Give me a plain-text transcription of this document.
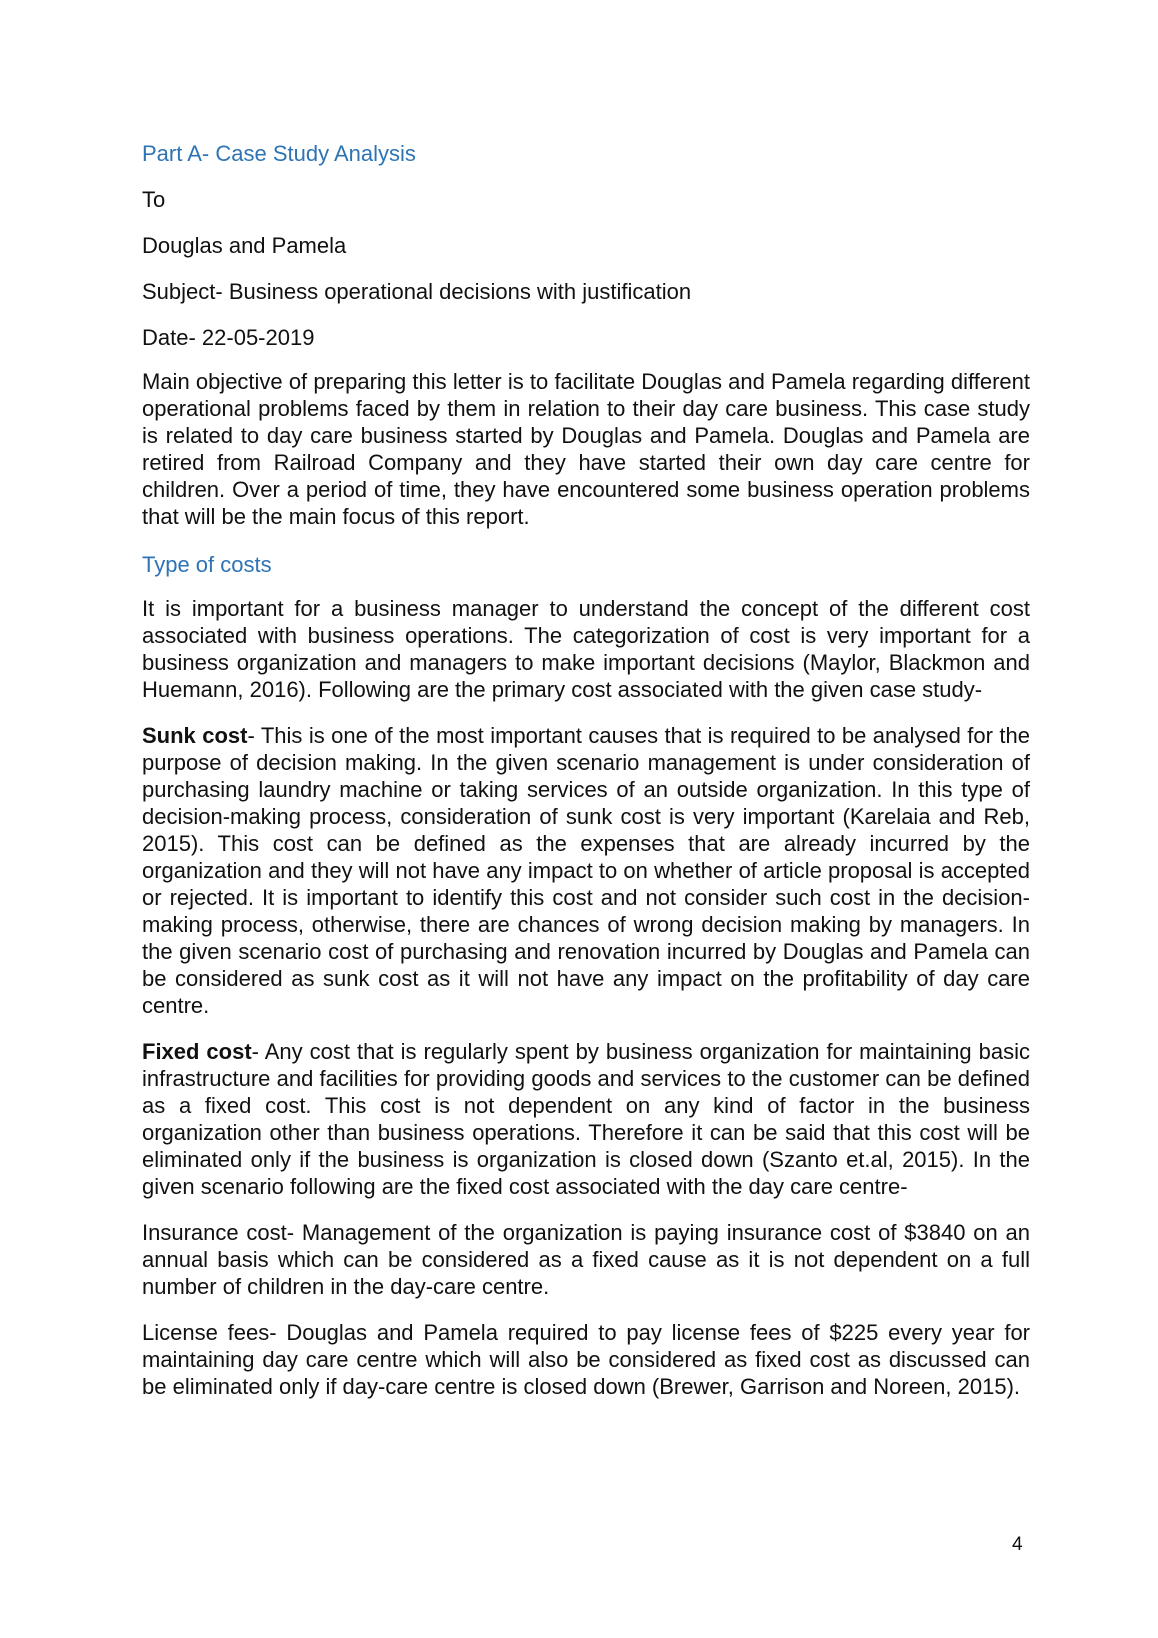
Part A- Case Study Analysis

To

Douglas and Pamela

Subject- Business operational decisions with justification

Date- 22-05-2019

Main objective of preparing this letter is to facilitate Douglas and Pamela regarding different operational problems faced by them in relation to their day care business. This case study is related to day care business started by Douglas and Pamela. Douglas and Pamela are retired from Railroad Company and they have started their own day care centre for children. Over a period of time, they have encountered some business operation problems that will be the main focus of this report.

Type of costs

It is important for a business manager to understand the concept of the different cost associated with business operations. The categorization of cost is very important for a business organization and managers to make important decisions (Maylor, Blackmon and Huemann, 2016). Following are the primary cost associated with the given case study-

Sunk cost- This is one of the most important causes that is required to be analysed for the purpose of decision making. In the given scenario management is under consideration of purchasing laundry machine or taking services of an outside organization. In this type of decision-making process, consideration of sunk cost is very important (Karelaia and Reb, 2015). This cost can be defined as the expenses that are already incurred by the organization and they will not have any impact to on whether of article proposal is accepted or rejected. It is important to identify this cost and not consider such cost in the decision-making process, otherwise, there are chances of wrong decision making by managers. In the given scenario cost of purchasing and renovation incurred by Douglas and Pamela can be considered as sunk cost as it will not have any impact on the profitability of day care centre.

Fixed cost- Any cost that is regularly spent by business organization for maintaining basic infrastructure and facilities for providing goods and services to the customer can be defined as a fixed cost. This cost is not dependent on any kind of factor in the business organization other than business operations. Therefore it can be said that this cost will be eliminated only if the business is organization is closed down (Szanto et.al, 2015). In the given scenario following are the fixed cost associated with the day care centre-

Insurance cost- Management of the organization is paying insurance cost of $3840 on an annual basis which can be considered as a fixed cause as it is not dependent on a full number of children in the day-care centre.

License fees- Douglas and Pamela required to pay license fees of $225 every year for maintaining day care centre which will also be considered as fixed cost as discussed can be eliminated only if day-care centre is closed down (Brewer, Garrison and Noreen, 2015).

4
